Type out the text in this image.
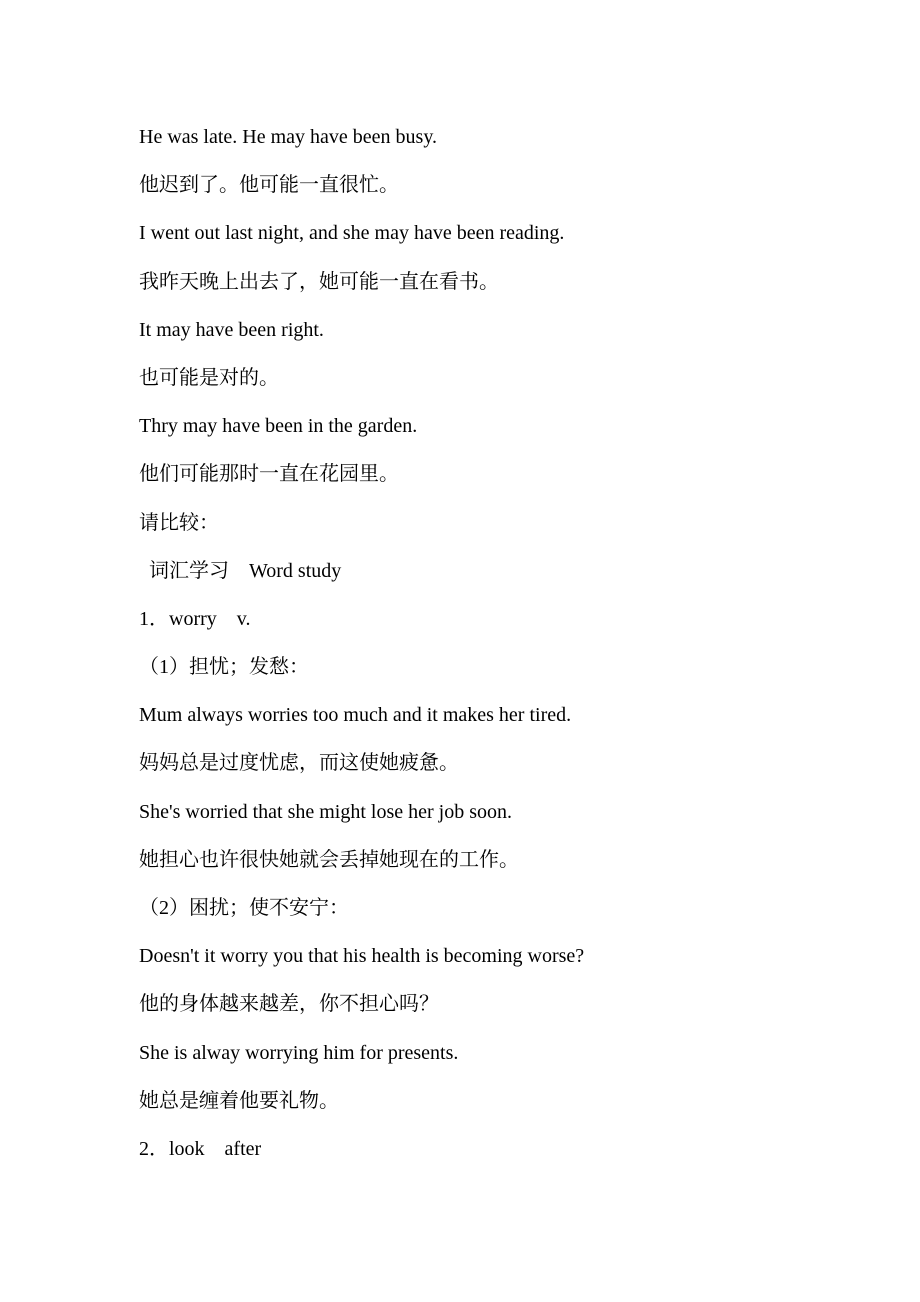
He was late. He may have been busy.
他迟到了。他可能一直很忙。
I went out last night, and she may have been reading.
我昨天晚上出去了，她可能一直在看书。
It may have been right.
也可能是对的。
Thry may have been in the garden.
他们可能那时一直在花园里。
请比较：
词汇学习    Word study
1．worry    v.
（1）担忧；发愁：
Mum always worries too much and it makes her tired.
妈妈总是过度忧虑，而这使她疲惫。
She's worried that she might lose her job soon.
她担心也许很快她就会丢掉她现在的工作。
（2）困扰；使不安宁：
Doesn't it worry you that his health is becoming worse?
他的身体越来越差，你不担心吗？
She is alway worrying him for presents.
她总是缠着他要礼物。
2．look    after
